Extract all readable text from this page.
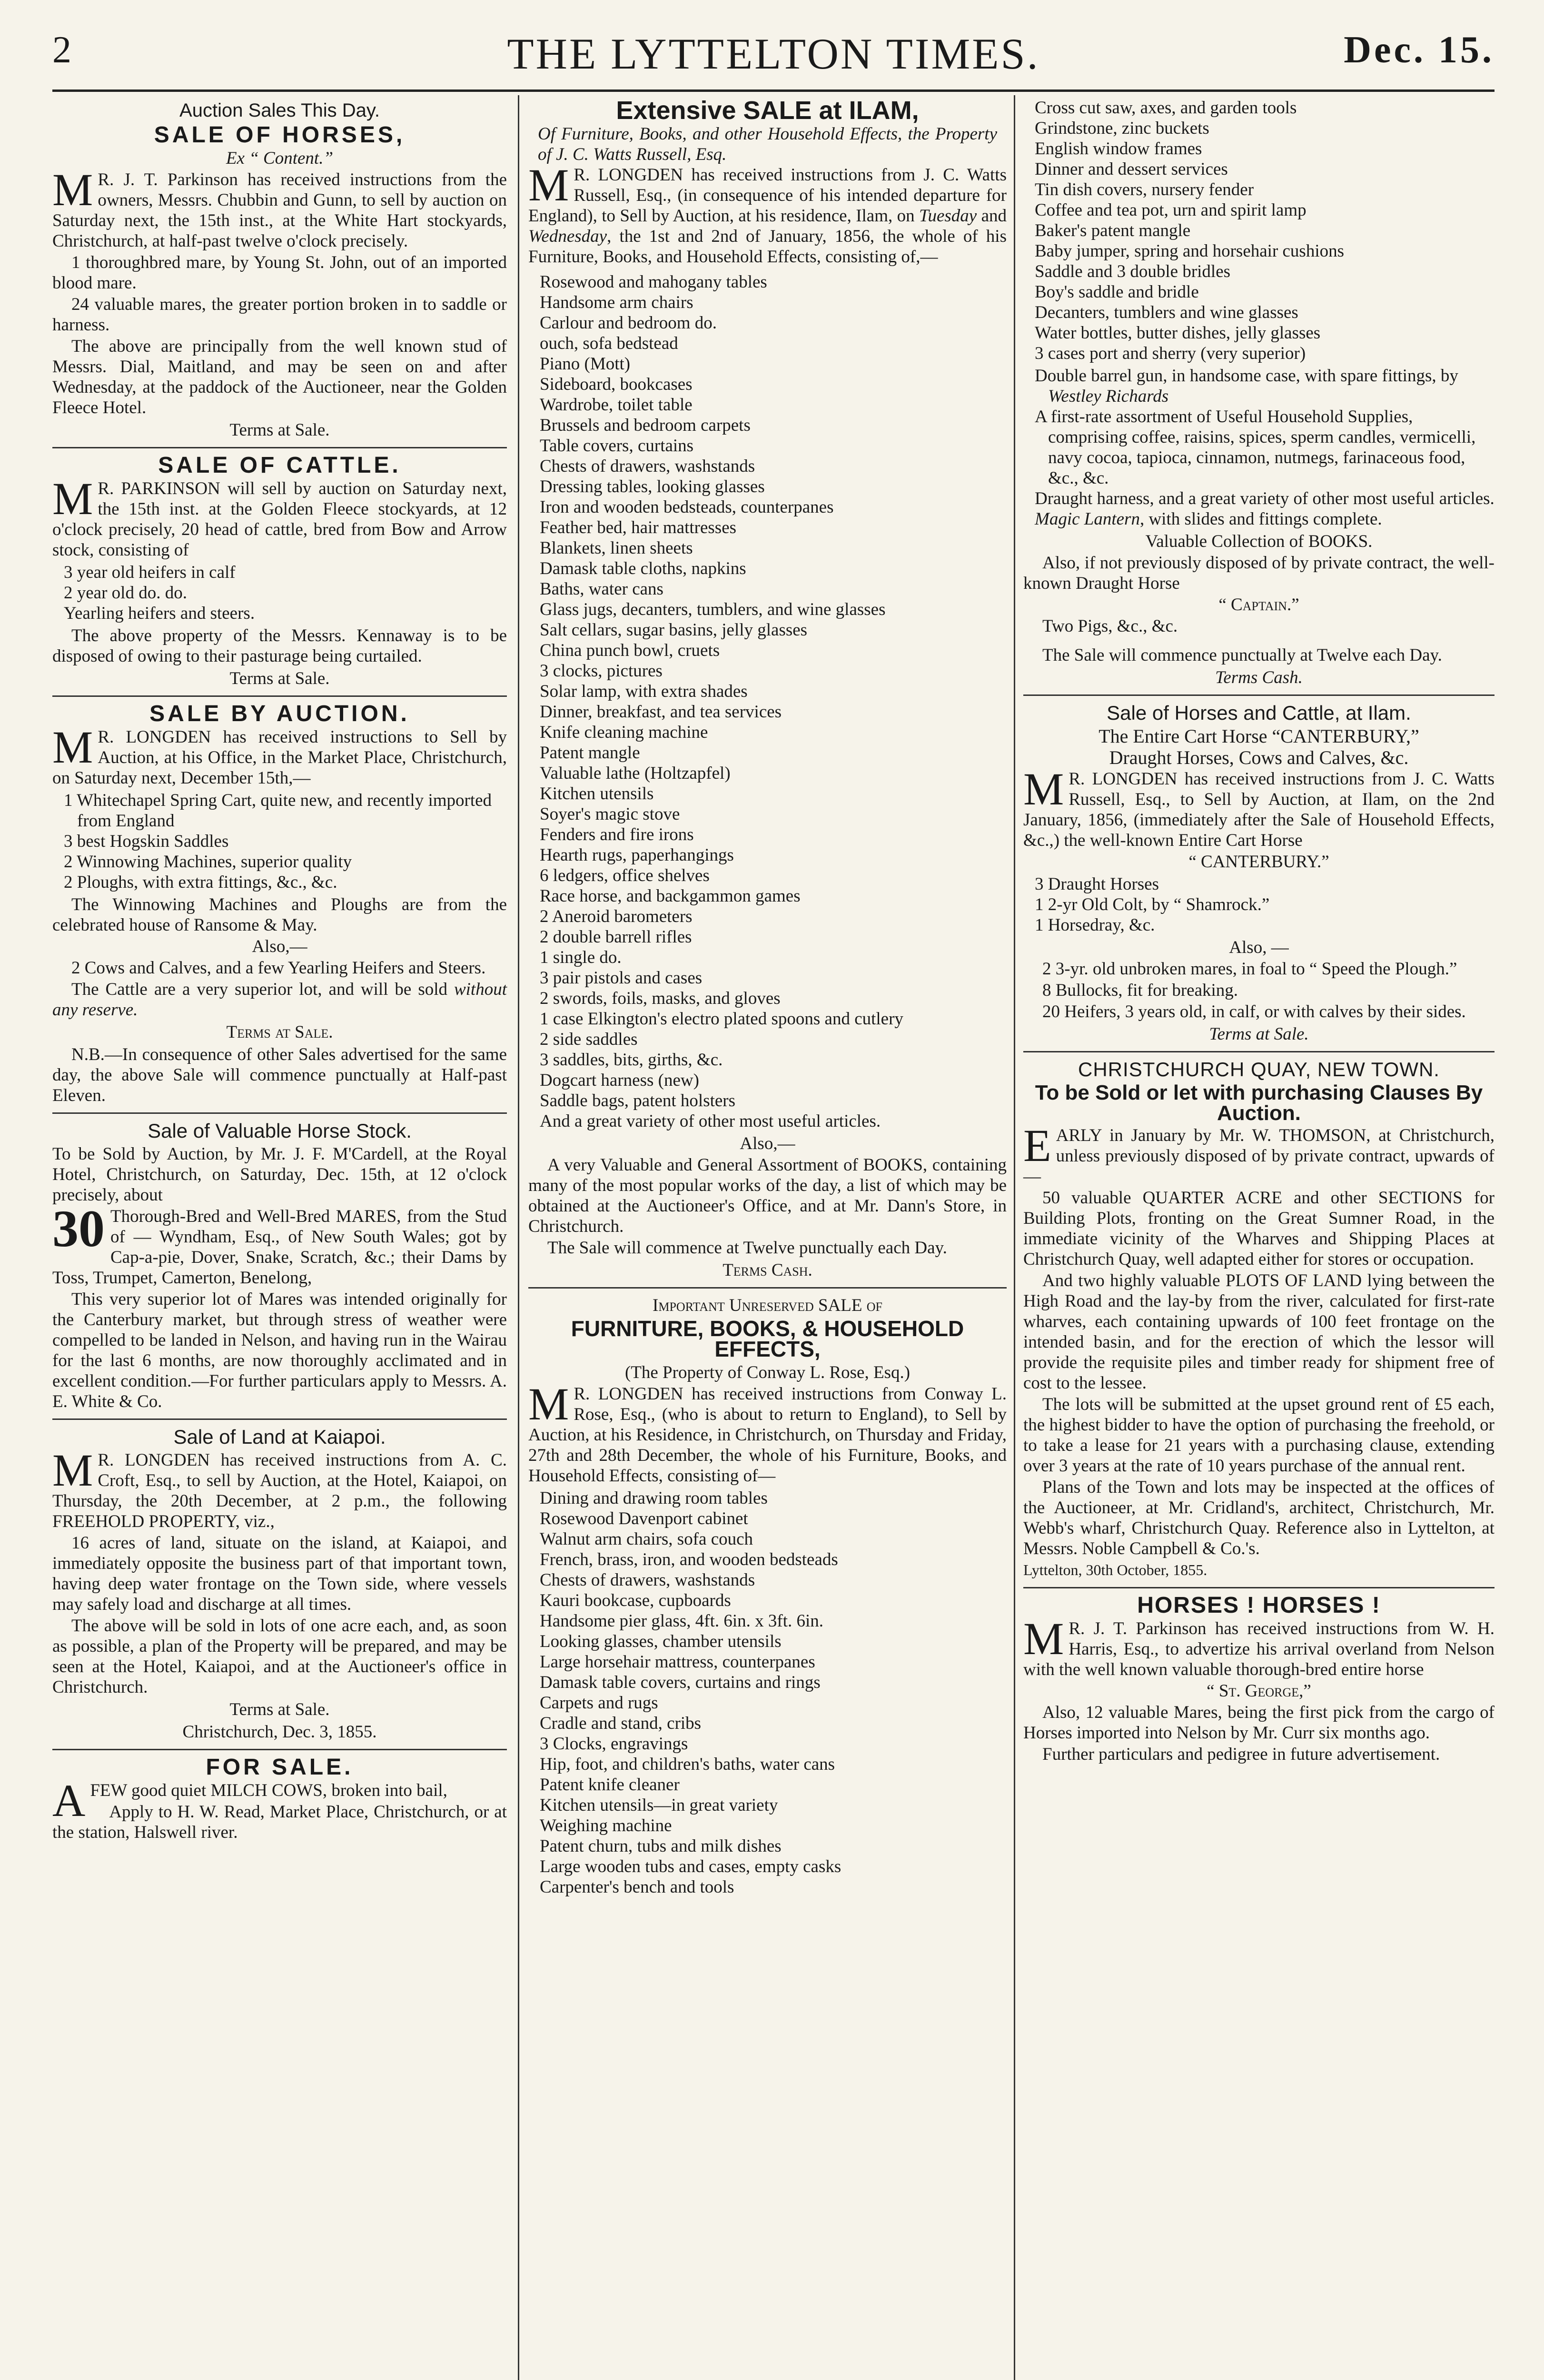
2	THE LYTTELTON TIMES.	Dec. 15.
Auction Sales This Day.
SALE OF HORSES,
Ex “ Content.”

M R. J. T. Parkinson has received instructions from the owners, Messrs. Chubbin and Gunn, to sell by auction on Saturday next, the 15th inst., at the White Hart stockyards, Christchurch, at half-past twelve o'clock precisely.

1 thoroughbred mare, by Young St. John, out of an imported blood mare.

24 valuable mares, the greater portion broken in to saddle or harness.

The above are principally from the well known stud of Messrs. Dial, Maitland, and may be seen on and after Wednesday, at the paddock of the Auctioneer, near the Golden Fleece Hotel.

Terms at Sale.
SALE OF CATTLE.

M R. PARKINSON will sell by auction on Saturday next, the 15th inst. at the Golden Fleece stockyards, at 12 o'clock precisely, 20 head of cattle, bred from Bow and Arrow stock, consisting of

3 year old heifers in calf
2 year old do. do.
Yearling heifers and steers.

The above property of the Messrs. Kennaway is to be disposed of owing to their pasturage being curtailed.

Terms at Sale.
SALE BY AUCTION.

M R. LONGDEN has received instructions to Sell by Auction, at his Office, in the Market Place, Christchurch, on Saturday next, December 15th,—

1 Whitechapel Spring Cart, quite new, and recently imported from England
3 best Hogskin Saddles
2 Winnowing Machines, superior quality
2 Ploughs, with extra fittings, &c., &c.

The Winnowing Machines and Ploughs are from the celebrated house of Ransome & May.

Also,—

2 Cows and Calves, and a few Yearling Heifers and Steers.

The Cattle are a very superior lot, and will be sold without any reserve.

Terms at Sale.

N.B.—In consequence of other Sales advertised for the same day, the above Sale will commence punctually at Half-past Eleven.

Sale of Valuable Horse Stock.

To be Sold by Auction, by Mr. J. F. M'Cardell, at the Royal Hotel, Christchurch, on Saturday, Dec. 15th, at 12 o'clock precisely, about

30 Thorough-Bred and Well-Bred MARES, from the Stud of — Wyndham, Esq., of New South Wales; got by Cap-a-pie, Dover, Snake, Scratch, &c.; their Dams by Toss, Trumpet, Camerton, Benelong,

This very superior lot of Mares was intended originally for the Canterbury market, but through stress of weather were compelled to be landed in Nelson, and having run in the Wairau for the last 6 months, are now thoroughly acclimated and in excellent condition.—For further particulars apply to Messrs. A. E. White & Co.

Sale of Land at Kaiapoi.

M R. LONGDEN has received instructions from A. C. Croft, Esq., to sell by Auction, at the Hotel, Kaiapoi, on Thursday, the 20th December, at 2 p.m., the following FREEHOLD PROPERTY, viz.,

16 acres of land, situate on the island, at Kaiapoi, and immediately opposite the business part of that important town, having deep water frontage on the Town side, where vessels may safely load and discharge at all times.

The above will be sold in lots of one acre each, and, as soon as possible, a plan of the Property will be prepared, and may be seen at the Hotel, Kaiapoi, and at the Auctioneer's office in Christchurch.

Terms at Sale.
Christchurch, Dec. 3, 1855.
FOR SALE.

AFEW good quiet MILCH COWS, broken into bail,

Apply to H. W. Read, Market Place, Christchurch, or at the station, Halswell river.

Extensive SALE at ILAM,
Of Furniture, Books, and other Household Effects, the Property of J. C. Watts Russell, Esq.

M R. LONGDEN has received instructions from J. C. Watts Russell, Esq., (in consequence of his intended departure for England), to Sell by Auction, at his residence, Ilam, on Tuesday and Wednesday, the 1st and 2nd of January, 1856, the whole of his Furniture, Books, and Household Effects, consisting of,—

Rosewood and mahogany tables
Handsome arm chairs
Carlour and bedroom do.
ouch, sofa bedstead
Piano (Mott)
Sideboard, bookcases
Wardrobe, toilet table
Brussels and bedroom carpets
Table covers, curtains
Chests of drawers, washstands
Dressing tables, looking glasses
Iron and wooden bedsteads, counterpanes
Feather bed, hair mattresses
Blankets, linen sheets
Damask table cloths, napkins
Baths, water cans
Glass jugs, decanters, tumblers, and wine glasses
Salt cellars, sugar basins, jelly glasses
China punch bowl, cruets
3 clocks, pictures
Solar lamp, with extra shades
Dinner, breakfast, and tea services
Knife cleaning machine
Patent mangle
Valuable lathe (Holtzapfel)
Kitchen utensils
Soyer's magic stove
Fenders and fire irons
Hearth rugs, paperhangings
6 ledgers, office shelves
Race horse, and backgammon games
2 Aneroid barometers
2 double barrell rifles
1 single do.
3 pair pistols and cases
2 swords, foils, masks, and gloves
1 case Elkington's electro plated spoons and cutlery
2 side saddles
3 saddles, bits, girths, &c.
Dogcart harness (new)
Saddle bags, patent holsters
And a great variety of other most useful articles.
Also,—

A very Valuable and General Assortment of BOOKS, containing many of the most popular works of the day, a list of which may be obtained at the Auctioneer's Office, and at Mr. Dann's Store, in Christchurch.

The Sale will commence at Twelve punctually each Day.

Terms Cash.
Important Unreserved SALE of
FURNITURE, BOOKS, & HOUSEHOLD EFFECTS,
(The Property of Conway L. Rose, Esq.)

M R. LONGDEN has received instructions from Conway L. Rose, Esq., (who is about to return to England), to Sell by Auction, at his Residence, in Christchurch, on Thursday and Friday, 27th and 28th December, the whole of his Furniture, Books, and Household Effects, consisting of—

Dining and drawing room tables
Rosewood Davenport cabinet
Walnut arm chairs, sofa couch
French, brass, iron, and wooden bedsteads
Chests of drawers, washstands
Kauri bookcase, cupboards
Handsome pier glass, 4ft. 6in. x 3ft. 6in.
Looking glasses, chamber utensils
Large horsehair mattress, counterpanes
Damask table covers, curtains and rings
Carpets and rugs
Cradle and stand, cribs
3 Clocks, engravings
Hip, foot, and children's baths, water cans
Patent knife cleaner
Kitchen utensils—in great variety
Weighing machine
Patent churn, tubs and milk dishes
Large wooden tubs and cases, empty casks
Carpenter's bench and tools
Cross cut saw, axes, and garden tools
Grindstone, zinc buckets
English window frames
Dinner and dessert services
Tin dish covers, nursery fender
Coffee and tea pot, urn and spirit lamp
Baker's patent mangle
Baby jumper, spring and horsehair cushions
Saddle and 3 double bridles
Boy's saddle and bridle
Decanters, tumblers and wine glasses
Water bottles, butter dishes, jelly glasses
3 cases port and sherry (very superior)
Double barrel gun, in handsome case, with spare fittings, by Westley Richards
A first-rate assortment of Useful Household Supplies, comprising coffee, raisins, spices, sperm candles, vermicelli, navy cocoa, tapioca, cinnamon, nutmegs, farinaceous food, &c., &c.
Draught harness, and a great variety of other most useful articles.
Magic Lantern, with slides and fittings complete.
Valuable Collection of BOOKS.

Also, if not previously disposed of by private contract, the well-known Draught Horse

“ Captain.”

Two Pigs, &c., &c.

The Sale will commence punctually at Twelve each Day.

Terms Cash.
Sale of Horses and Cattle, at Ilam.
The Entire Cart Horse “CANTERBURY,”
Draught Horses, Cows and Calves, &c.

M R. LONGDEN has received instructions from J. C. Watts Russell, Esq., to Sell by Auction, at Ilam, on the 2nd January, 1856, (immediately after the Sale of Household Effects, &c.,) the well-known Entire Cart Horse

“ CANTERBURY.”
3 Draught Horses
1 2-yr Old Colt, by “ Shamrock.”
1 Horsedray, &c.
Also, —

2 3-yr. old unbroken mares, in foal to “ Speed the Plough.”

8 Bullocks, fit for breaking.

20 Heifers, 3 years old, in calf, or with calves by their sides.

Terms at Sale.
CHRISTCHURCH QUAY, NEW TOWN.
To be Sold or let with purchasing Clauses By Auction.

EARLY in January by Mr. W. THOMSON, at Christchurch, unless previously disposed of by private contract, upwards of—

50 valuable QUARTER ACRE and other SECTIONS for Building Plots, fronting on the Great Sumner Road, in the immediate vicinity of the Wharves and Shipping Places at Christchurch Quay, well adapted either for stores or occupation.

And two highly valuable PLOTS OF LAND lying between the High Road and the lay-by from the river, calculated for first-rate wharves, each containing upwards of 100 feet frontage on the intended basin, and for the erection of which the lessor will provide the requisite piles and timber ready for shipment free of cost to the lessee.

The lots will be submitted at the upset ground rent of £5 each, the highest bidder to have the option of purchasing the freehold, or to take a lease for 21 years with a purchasing clause, extending over 3 years at the rate of 10 years purchase of the annual rent.

Plans of the Town and lots may be inspected at the offices of the Auctioneer, at Mr. Cridland's, architect, Christchurch, Mr. Webb's wharf, Christchurch Quay. Reference also in Lyttelton, at Messrs. Noble Campbell & Co.'s.

Lyttelton, 30th October, 1855.
HORSES ! HORSES !

M R. J. T. Parkinson has received instructions from W. H. Harris, Esq., to advertize his arrival overland from Nelson with the well known valuable thorough-bred entire horse

“ St. George,”

Also, 12 valuable Mares, being the first pick from the cargo of Horses imported into Nelson by Mr. Curr six months ago.

Further particulars and pedigree in future advertisement.
